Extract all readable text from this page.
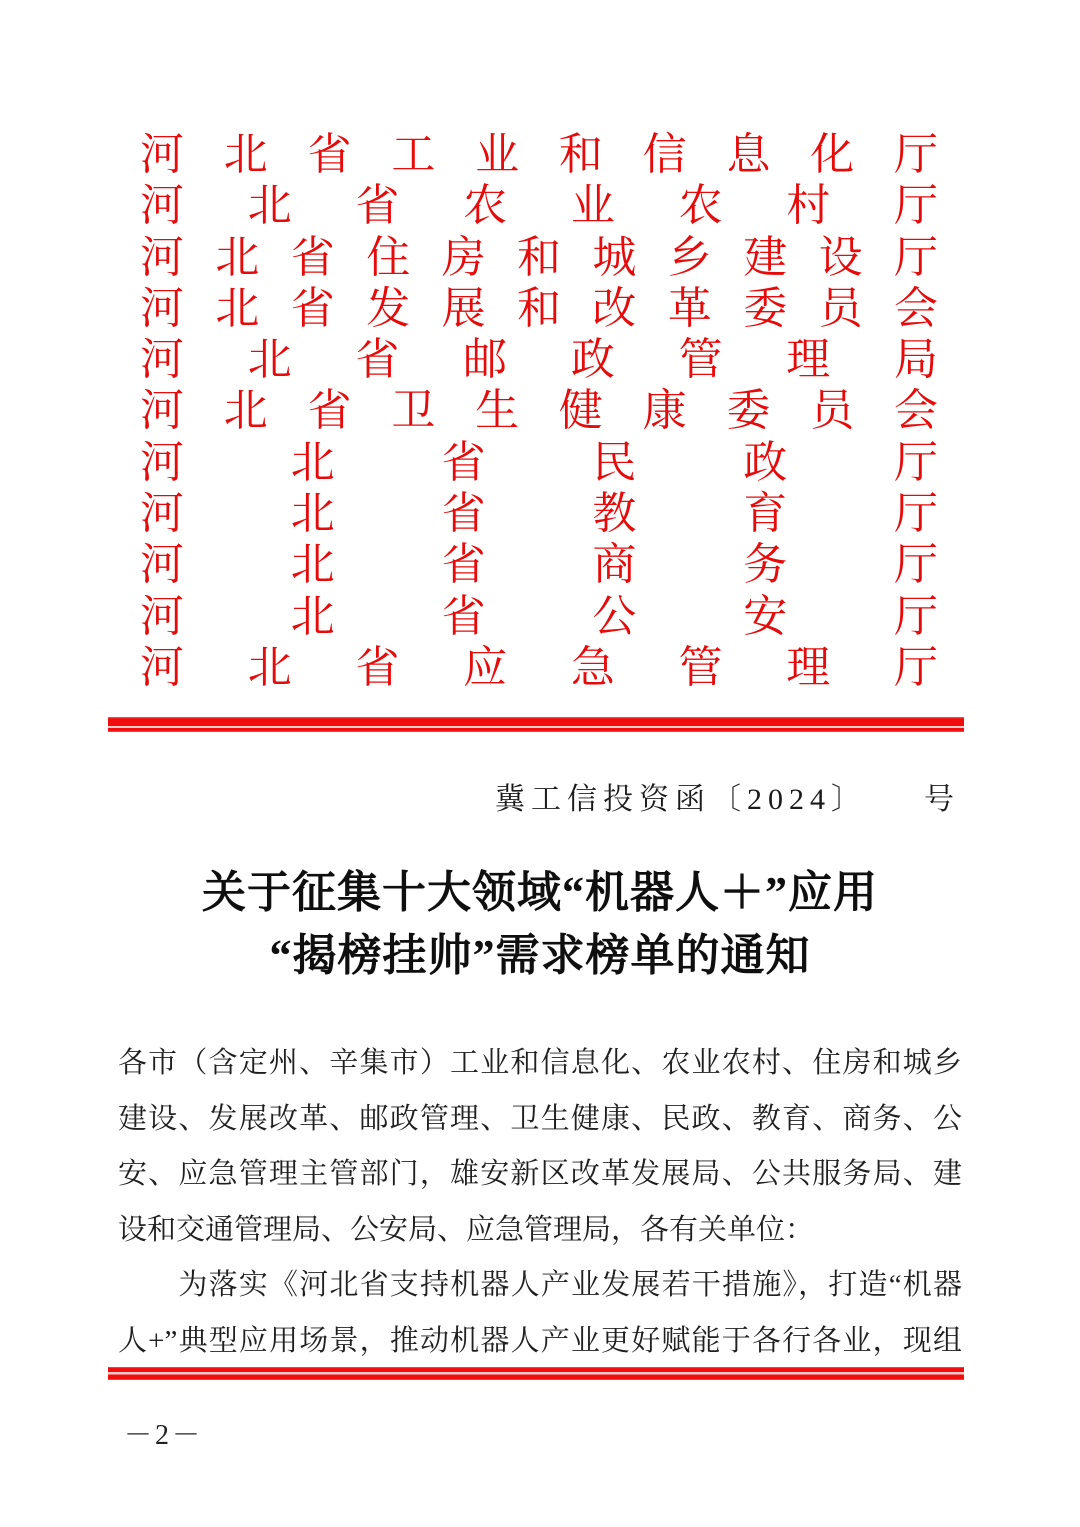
河北省工业和信息化厅
河北省农业农村厅
河北省住房和城乡建设厅
河北省发展和改革委员会
河北省邮政管理局
河北省卫生健康委员会
河北省民政厅
河北省教育厅
河北省商务厅
河北省公安厅
河北省应急管理厅
冀工信投资函〔2024〕　　号
关于征集十大领域“机器人＋”应用
“揭榜挂帅”需求榜单的通知
各市（含定州、辛集市）工业和信息化、农业农村、住房和城乡
建设、发展改革、邮政管理、卫生健康、民政、教育、商务、公
安、应急管理主管部门，雄安新区改革发展局、公共服务局、建
设和交通管理局、公安局、应急管理局，各有关单位：
　　为落实《河北省支持机器人产业发展若干措施》，打造“机器
人+”典型应用场景，推动机器人产业更好赋能于各行各业，现组
－2－
